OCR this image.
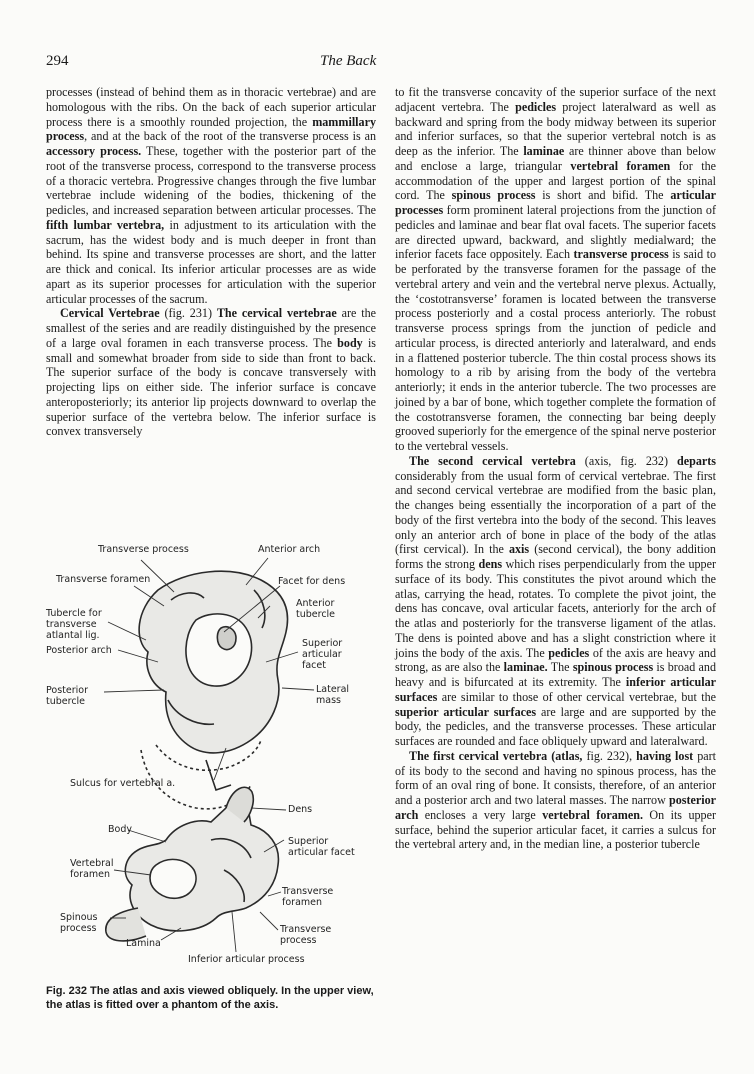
294	The Back

processes (instead of behind them as in thoracic vertebrae) and are homologous with the ribs. On the back of each superior articular process there is a smoothly rounded projection, the mammillary process, and at the back of the root of the transverse process is an accessory process. These, together with the posterior part of the root of the transverse process, correspond to the transverse process of a thoracic vertebra. Progressive changes through the five lumbar vertebrae include widening of the bodies, thickening of the pedicles, and increased separation between articular processes. The fifth lumbar vertebra, in adjustment to its articulation with the sacrum, has the widest body and is much deeper in front than behind. Its spine and transverse processes are short, and the latter are thick and conical. Its inferior articular processes are as wide apart as its superior processes for articulation with the superior articular processes of the sacrum.

Cervical Vertebrae (fig. 231) The cervical vertebrae are the smallest of the series and are readily distinguished by the presence of a large oval foramen in each transverse process. The body is small and somewhat broader from side to side than front to back. The superior surface of the body is concave transversely with projecting lips on either side. The inferior surface is concave anteroposteriorly; its anterior lip projects downward to overlap the superior surface of the vertebra below. The inferior surface is convex transversely

Transverse process	Anterior arch
Transverse foramen	Facet for dens
Anterior tubercle
Tubercle for transverse atlantal lig.
Posterior arch
Superior articular facet
Posterior tubercle
Lateral mass
Sulcus for vertebral a.
Dens
Body
Superior articular facet
Vertebral foramen
Transverse foramen
Spinous process	Transverse process
Lamina
Inferior articular process
Fig. 232 The atlas and axis viewed obliquely. In the upper view, the atlas is fitted over a phantom of the axis.

to fit the transverse concavity of the superior surface of the next adjacent vertebra. The pedicles project lateralward as well as backward and spring from the body midway between its superior and inferior surfaces, so that the superior vertebral notch is as deep as the inferior. The laminae are thinner above than below and enclose a large, triangular vertebral foramen for the accommodation of the upper and largest portion of the spinal cord. The spinous process is short and bifid. The articular processes form prominent lateral projections from the junction of pedicles and laminae and bear flat oval facets. The superior facets are directed upward, backward, and slightly medialward; the inferior facets face oppositely. Each transverse process is said to be perforated by the transverse foramen for the passage of the vertebral artery and vein and the vertebral nerve plexus. Actually, the ‘costotransverse’ foramen is located between the transverse process posteriorly and a costal process anteriorly. The robust transverse process springs from the junction of pedicle and articular process, is directed anteriorly and lateralward, and ends in a flattened posterior tubercle. The thin costal process shows its homology to a rib by arising from the body of the vertebra anteriorly; it ends in the anterior tubercle. The two processes are joined by a bar of bone, which together complete the formation of the costotransverse foramen, the connecting bar being deeply grooved superiorly for the emergence of the spinal nerve posterior to the vertebral vessels.

The second cervical vertebra (axis, fig. 232) departs considerably from the usual form of cervical vertebrae. The first and second cervical vertebrae are modified from the basic plan, the changes being essentially the incorporation of a part of the body of the first vertebra into the body of the second. This leaves only an anterior arch of bone in place of the body of the atlas (first cervical). In the axis (second cervical), the bony addition forms the strong dens which rises perpendicularly from the upper surface of its body. This constitutes the pivot around which the atlas, carrying the head, rotates. To complete the pivot joint, the dens has concave, oval articular facets, anteriorly for the arch of the atlas and posteriorly for the transverse ligament of the atlas. The dens is pointed above and has a slight constriction where it joins the body of the axis. The pedicles of the axis are heavy and strong, as are also the laminae. The spinous process is broad and heavy and is bifurcated at its extremity. The inferior articular surfaces are similar to those of other cervical vertebrae, but the superior articular surfaces are large and are supported by the body, the pedicles, and the transverse processes. These articular surfaces are rounded and face obliquely upward and lateralward.

The first cervical vertebra (atlas, fig. 232), having lost part of its body to the second and having no spinous process, has the form of an oval ring of bone. It consists, therefore, of an anterior and a posterior arch and two lateral masses. The narrow posterior arch encloses a very large vertebral foramen. On its upper surface, behind the superior articular facet, it carries a sulcus for the vertebral artery and, in the median line, a posterior tubercle
